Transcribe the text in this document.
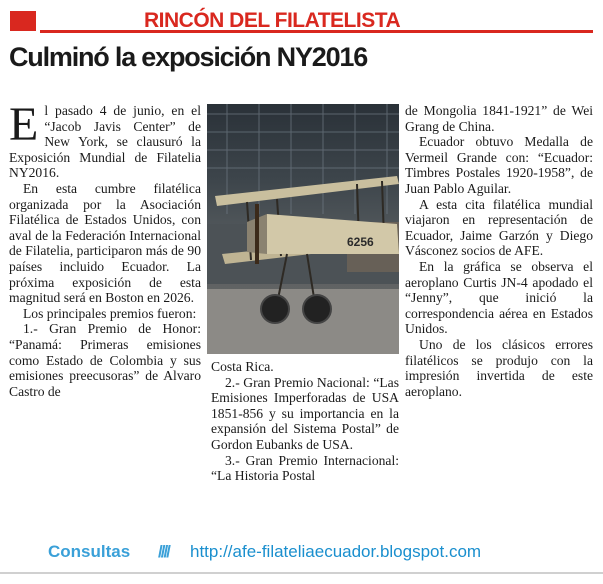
RINCÓN DEL FILATELISTA
Culminó la exposición NY2016

El pasado 4 de junio, en el “Jacob Javis Center” de New York, se clausuró la Exposición Mundial de Filatelia NY2016.

En esta cumbre filatélica organizada por la Asociación Filatélica de Estados Unidos, con aval de la Federación Internacional de Filatelia, participaron más de 90 países incluido Ecuador. La próxima exposición de esta magnitud será en Boston en 2026.

Los principales premios fueron:

1.- Gran Premio de Honor: “Panamá: Primeras emisiones como Estado de Colombia y sus emisiones preecusoras” de Alvaro Castro de

6256

Costa Rica.

2.- Gran Premio Nacional: “Las Emisiones Imperforadas de USA 1851-856 y su importancia en la expansión del Sistema Postal” de Gordon Eubanks de USA.

3.- Gran Premio Internacional: “La Historia Postal

de Mongolia 1841-1921” de Wei Grang de China.

Ecuador obtuvo Medalla de Vermeil Grande con: “Ecuador: Timbres Postales 1920-1958”, de Juan Pablo Aguilar.

A esta cita filatélica mundial viajaron en representación de Ecuador, Jaime Garzón y Diego Vásconez socios de AFE.

En la gráfica se observa el aeroplano Curtis JN-4 apodado el “Jenny”, que inició la correspondencia aérea en Estados Unidos.

Uno de los clásicos errores filatélicos se produjo con la impresión invertida de este aeroplano.

Consultas //// http://afe-filateliaecuador.blogspot.com
